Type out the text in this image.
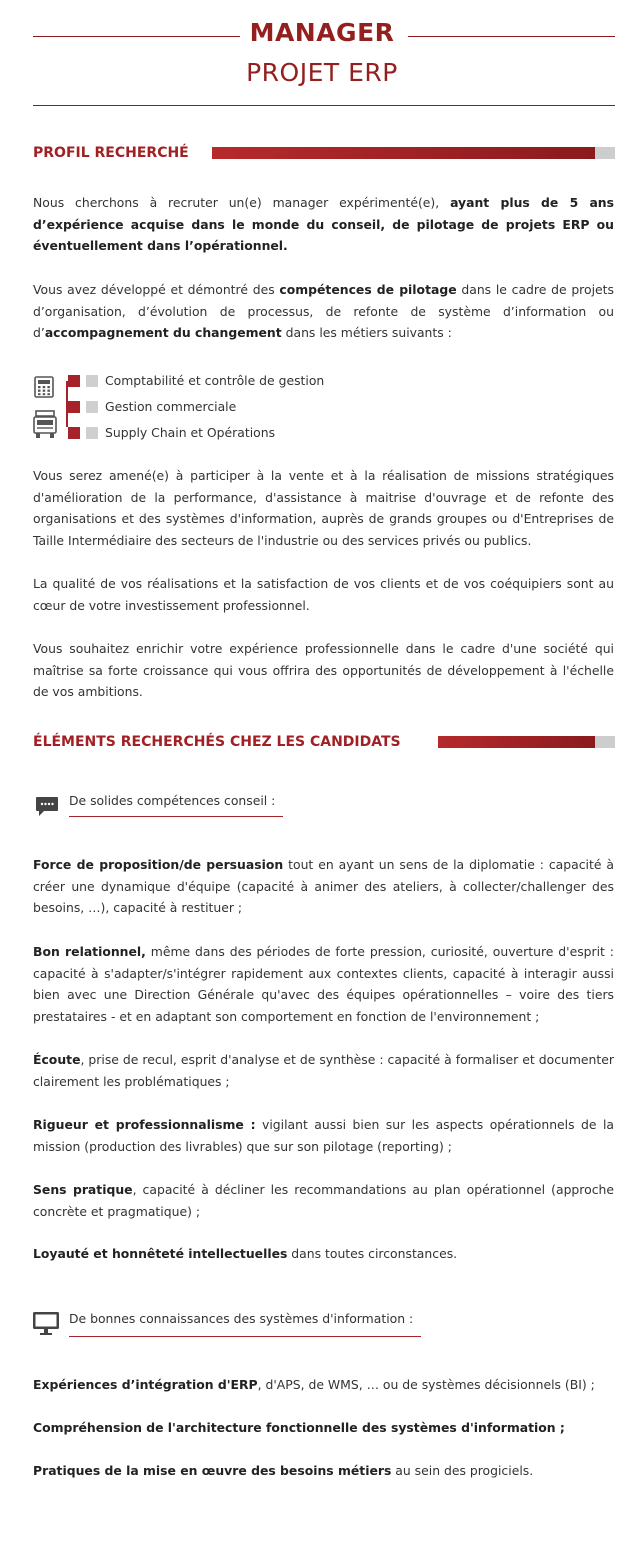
MANAGER
PROJET ERP
PROFIL RECHERCHÉ

Nous cherchons à recruter un(e) manager expérimenté(e), ayant plus de 5 ans d’expérience acquise dans le monde du conseil, de pilotage de projets ERP ou éventuellement dans l’opérationnel.

Vous avez développé et démontré des compétences de pilotage dans le cadre de projets d’organisation, d’évolution de processus, de refonte de système d’information ou d’accompagnement du changement dans les métiers suivants :

Comptabilité et contrôle de gestion
Gestion commerciale
Supply Chain et Opérations

Vous serez amené(e) à participer à la vente et à la réalisation de missions stratégiques d'amélioration de la performance, d'assistance à maitrise d'ouvrage et de refonte des organisations et des systèmes d'information, auprès de grands groupes ou d'Entreprises de Taille Intermédiaire des secteurs de l'industrie ou des services privés ou publics.

La qualité de vos réalisations et la satisfaction de vos clients et de vos coéquipiers sont au cœur de votre investissement professionnel.

Vous souhaitez enrichir votre expérience professionnelle dans le cadre d'une société qui maîtrise sa forte croissance qui vous offrira des opportunités de développement à l'échelle de vos ambitions.

ÉLÉMENTS RECHERCHÉS CHEZ LES CANDIDATS
De solides compétences conseil :

Force de proposition/de persuasion tout en ayant un sens de la diplomatie : capacité à créer une dynamique d'équipe (capacité à animer des ateliers, à collecter/challenger des besoins, …), capacité à restituer ;

Bon relationnel, même dans des périodes de forte pression, curiosité, ouverture d'esprit : capacité à s'adapter/s'intégrer rapidement aux contextes clients, capacité à interagir aussi bien avec une Direction Générale qu'avec des équipes opérationnelles – voire des tiers prestataires - et en adaptant son comportement en fonction de l'environnement ;

Écoute, prise de recul, esprit d'analyse et de synthèse : capacité à formaliser et documenter clairement les problématiques ;

Rigueur et professionnalisme : vigilant aussi bien sur les aspects opérationnels de la mission (production des livrables) que sur son pilotage (reporting) ;

Sens pratique, capacité à décliner les recommandations au plan opérationnel (approche concrète et pragmatique) ;

Loyauté et honnêteté intellectuelles dans toutes circonstances.

De bonnes connaissances des systèmes d'information :

Expériences d’intégration d'ERP, d'APS, de WMS, … ou de systèmes décisionnels (BI) ;

Compréhension de l'architecture fonctionnelle des systèmes d'information ;

Pratiques de la mise en œuvre des besoins métiers au sein des progiciels.
